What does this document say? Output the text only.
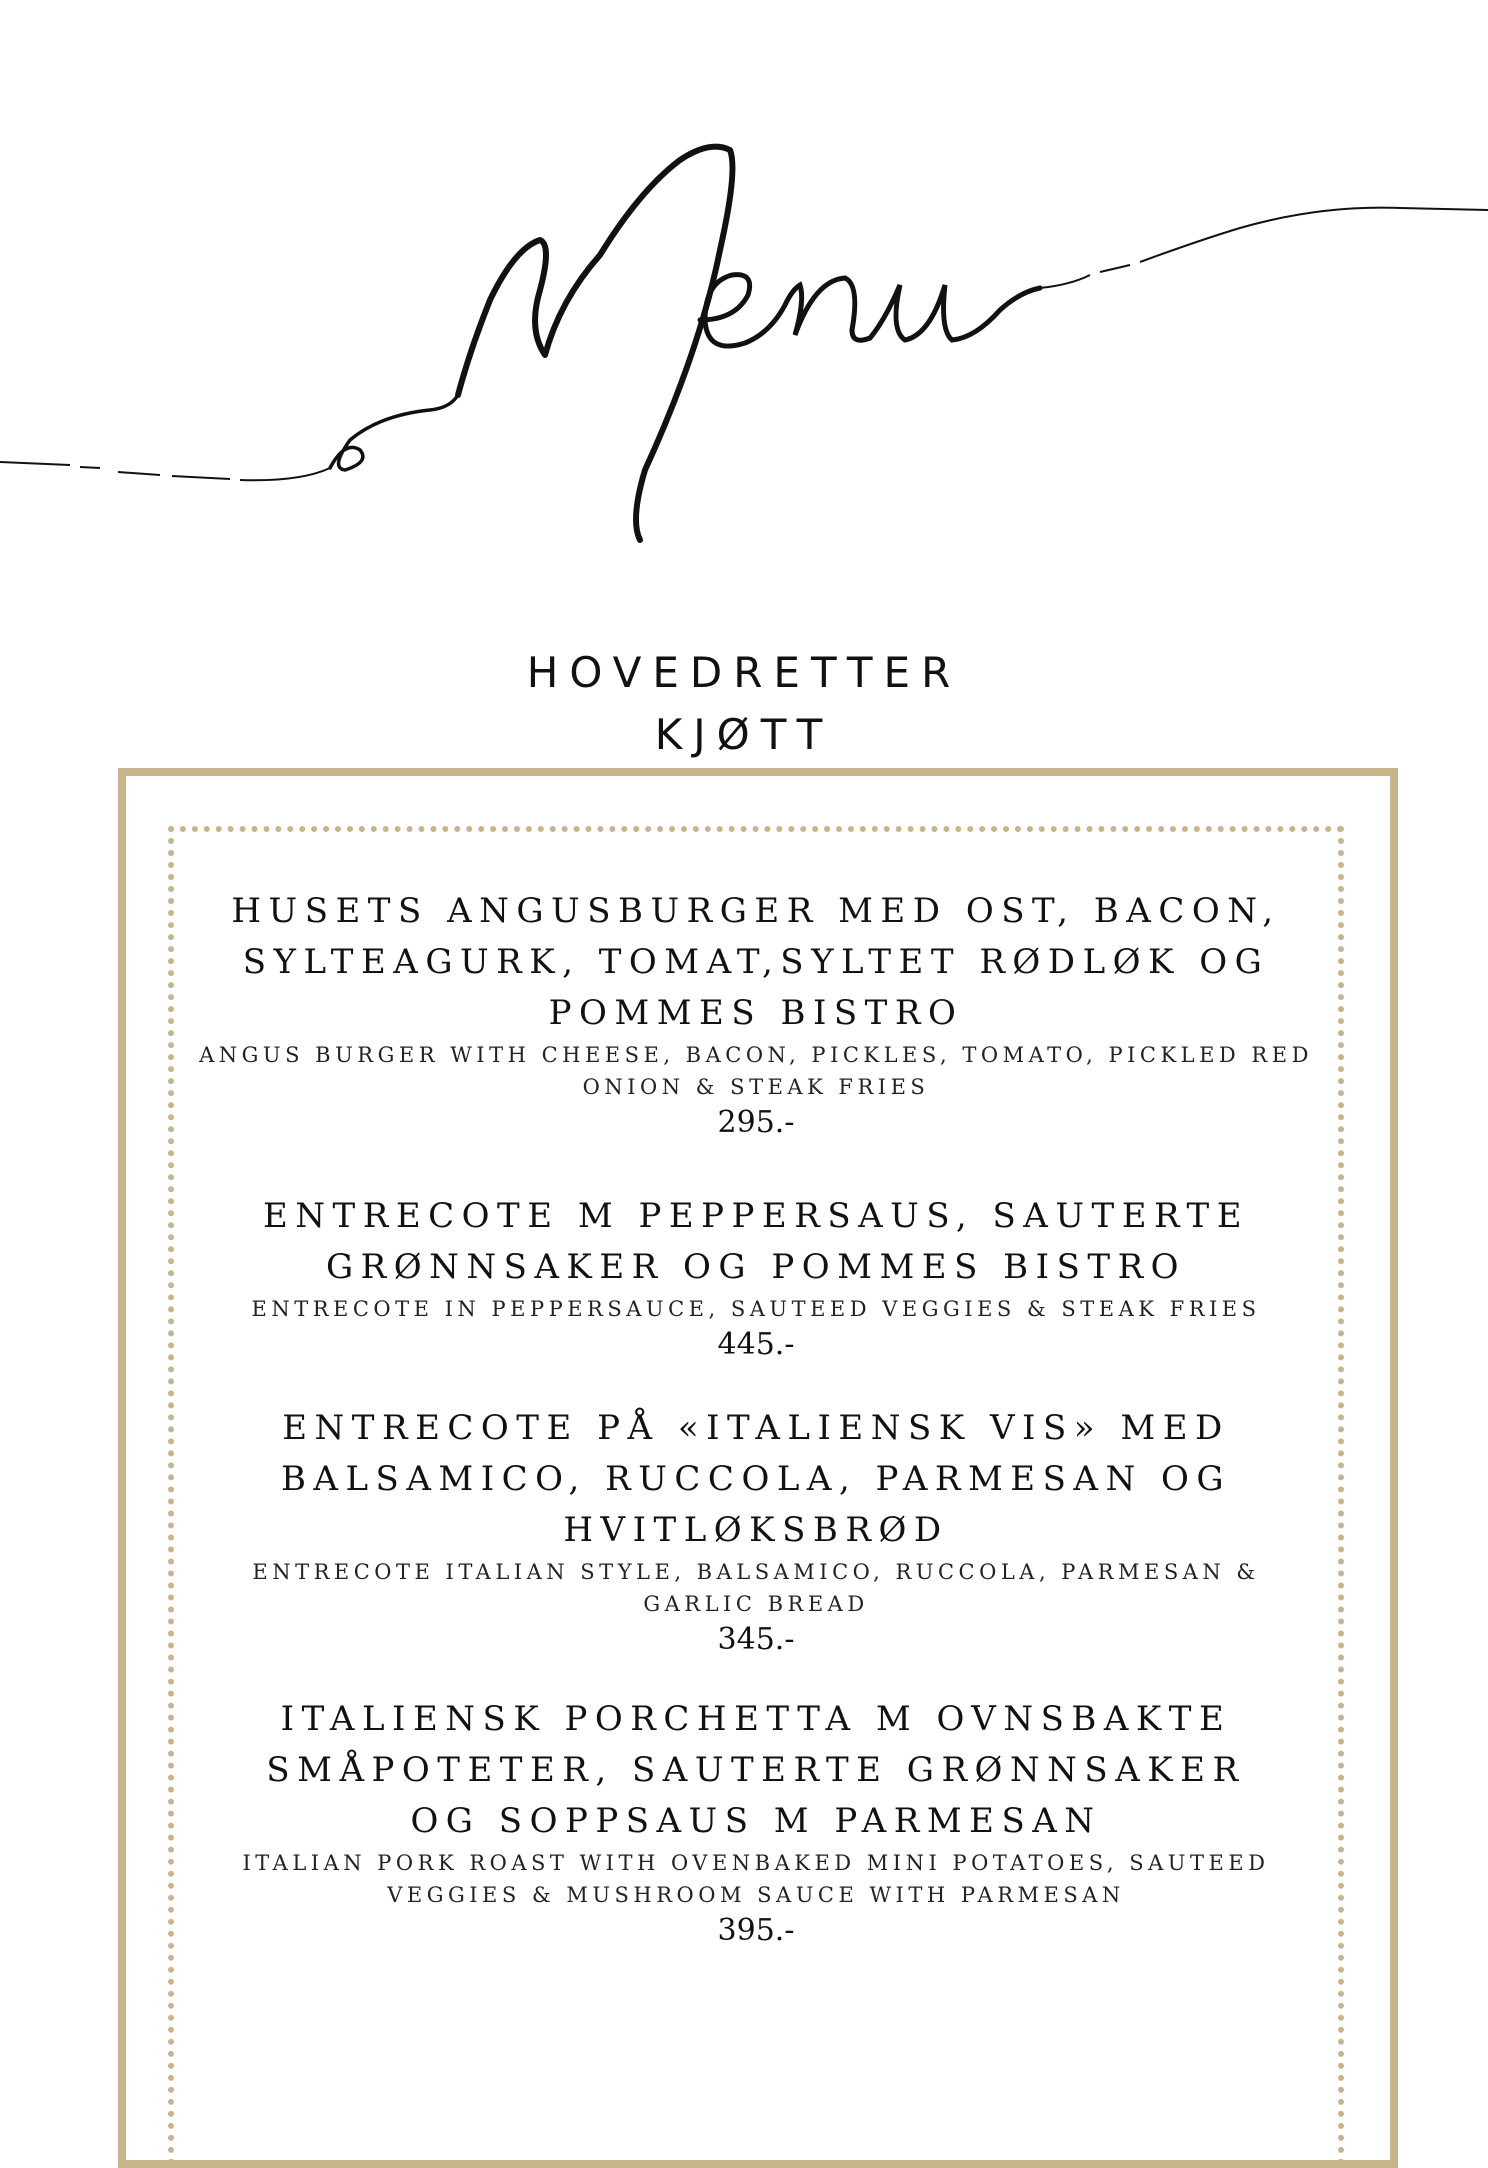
HOVEDRETTER
KJØTT
HUSETS ANGUSBURGER MED OST, BACON, SYLTEAGURK, TOMAT,SYLTET RØDLØK OG POMMES BISTRO
ANGUS BURGER WITH CHEESE, BACON, PICKLES, TOMATO, PICKLED RED ONION & STEAK FRIES
295.-
ENTRECOTE M PEPPERSAUS, SAUTERTE GRØNNSAKER OG POMMES BISTRO
ENTRECOTE IN PEPPERSAUCE, SAUTEED VEGGIES & STEAK FRIES
445.-
ENTRECOTE PÅ «ITALIENSK VIS» MED BALSAMICO, RUCCOLA, PARMESAN OG HVITLØKSBRØD
ENTRECOTE ITALIAN STYLE, BALSAMICO, RUCCOLA, PARMESAN & GARLIC BREAD
345.-
ITALIENSK PORCHETTA M OVNSBAKTE SMÅPOTETER, SAUTERTE GRØNNSAKER OG SOPPSAUS M PARMESAN
ITALIAN PORK ROAST WITH OVENBAKED MINI POTATOES, SAUTEED VEGGIES & MUSHROOM SAUCE WITH PARMESAN
395.-
